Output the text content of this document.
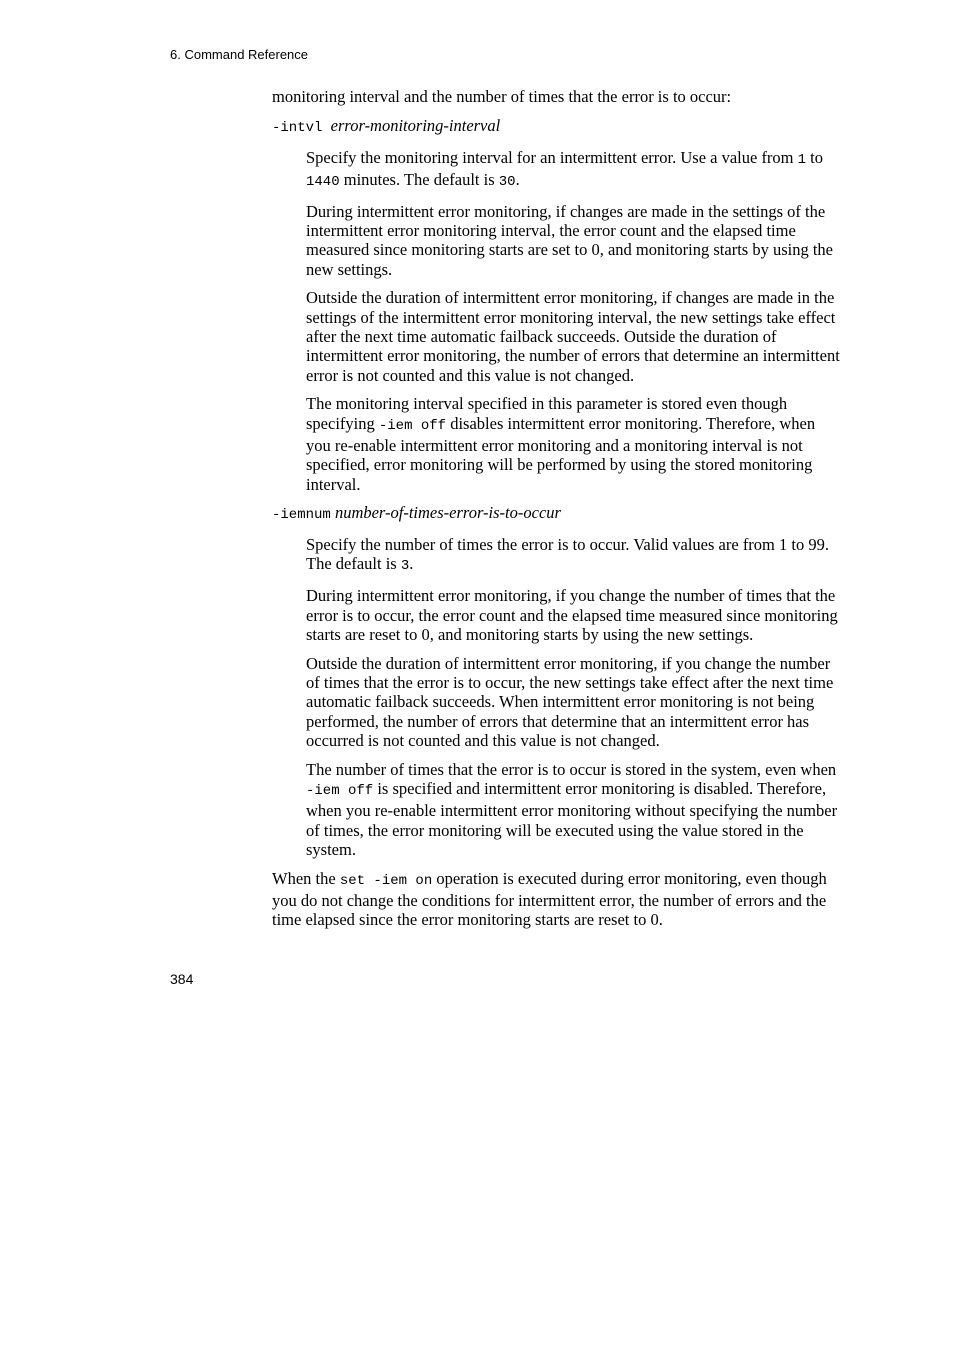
6. Command Reference

monitoring interval and the number of times that the error is to occur:

-intvl error-monitoring-interval

Specify the monitoring interval for an intermittent error. Use a value from 1 to 1440 minutes. The default is 30.

During intermittent error monitoring, if changes are made in the settings of the intermittent error monitoring interval, the error count and the elapsed time measured since monitoring starts are set to 0, and monitoring starts by using the new settings.

Outside the duration of intermittent error monitoring, if changes are made in the settings of the intermittent error monitoring interval, the new settings take effect after the next time automatic failback succeeds. Outside the duration of intermittent error monitoring, the number of errors that determine an intermittent error is not counted and this value is not changed.

The monitoring interval specified in this parameter is stored even though specifying -iem off disables intermittent error monitoring. Therefore, when you re-enable intermittent error monitoring and a monitoring interval is not specified, error monitoring will be performed by using the stored monitoring interval.

-iemnum number-of-times-error-is-to-occur

Specify the number of times the error is to occur. Valid values are from 1 to 99. The default is 3.

During intermittent error monitoring, if you change the number of times that the error is to occur, the error count and the elapsed time measured since monitoring starts are reset to 0, and monitoring starts by using the new settings.

Outside the duration of intermittent error monitoring, if you change the number of times that the error is to occur, the new settings take effect after the next time automatic failback succeeds. When intermittent error monitoring is not being performed, the number of errors that determine that an intermittent error has occurred is not counted and this value is not changed.

The number of times that the error is to occur is stored in the system, even when -iem off is specified and intermittent error monitoring is disabled. Therefore, when you re-enable intermittent error monitoring without specifying the number of times, the error monitoring will be executed using the value stored in the system.

When the set -iem on operation is executed during error monitoring, even though you do not change the conditions for intermittent error, the number of errors and the time elapsed since the error monitoring starts are reset to 0.

384
